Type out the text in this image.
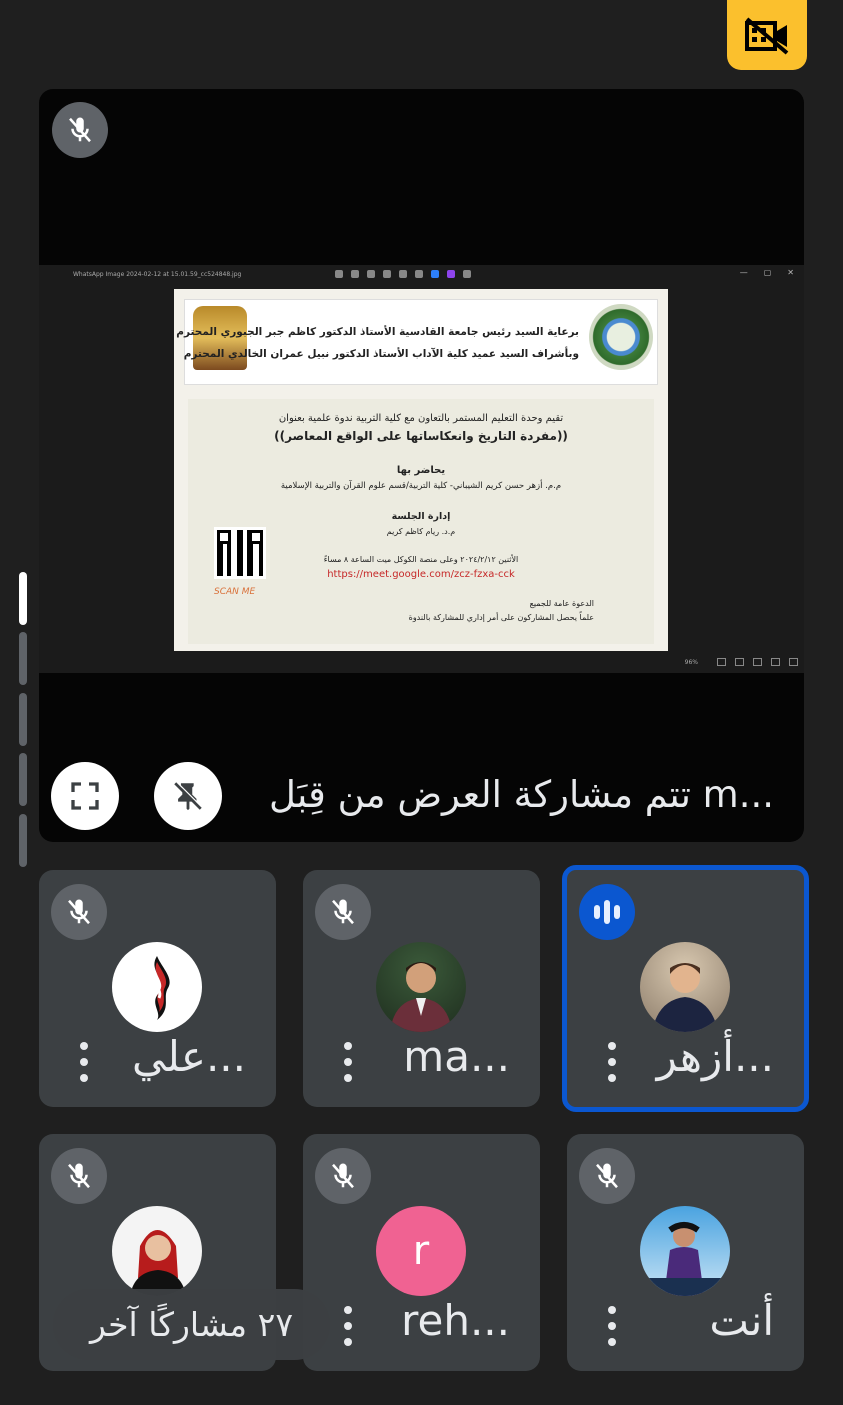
WhatsApp Image 2024-02-12 at 15.01.59_cc524848.jpg	— ▢ ✕
برعاية السيد رئيس جامعة القادسية الأستاذ الدكتور كاظم جبر الجبوري المحترم
وبأشراف السيد عميد كلية الآداب الأستاذ الدكتور نبيل عمران الخالدي المحترم
تقيم وحدة التعليم المستمر بالتعاون مع كلية التربية ندوة علمية بعنوان
((مفردة التاريخ وانعكاساتها على الواقع المعاصر))
يحاضر بها
م.م. أزهر حسن كريم الشيباني- كلية التربية/قسم علوم القرآن والتربية الإسلامية
إدارة الجلسة
م.د. ريام كاظم كريم
الأثنين ٢٠٢٤/٢/١٢ وعلى منصة الكوكل ميت الساعة ٨ مساءً
https://meet.google.com/zcz-fzxa-cck
الدعوة عامة للجميع
علماً يحصل المشاركون على أمر إداري للمشاركة بالندوة
SCAN ME
96%
تتم مشاركة العرض من قِبَل m...
علي...	ma...	أزهر...
r
reh...	أنت
٢٧ مشاركًا آخر
